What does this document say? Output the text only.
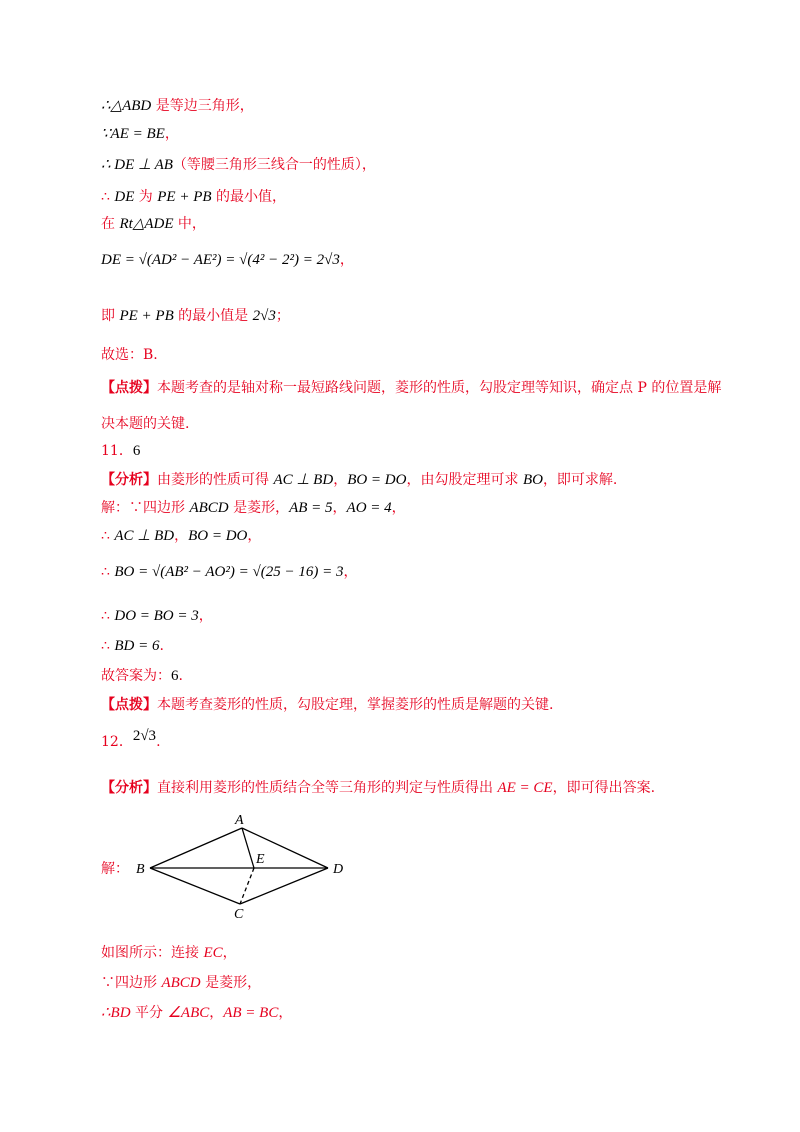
∴△ABD 是等边三角形，
∵AE = BE，
∴ DE ⊥ AB（等腰三角形三线合一的性质），
∴ DE 为 PE + PB 的最小值，
在 Rt△ADE 中，
DE = √(AD² − AE²) = √(4² − 2²) = 2√3，
即 PE + PB 的最小值是 2√3；
故选：B.
【点拨】本题考查的是轴对称一最短路线问题，菱形的性质，勾股定理等知识，确定点 P 的位置是解决本题的关键.
11．6
【分析】由菱形的性质可得 AC ⊥ BD，BO = DO，由勾股定理可求 BO，即可求解.
解：∵四边形 ABCD 是菱形，AB = 5，AO = 4，
∴ AC ⊥ BD，BO = DO，
∴ BO = √(AB² − AO²) = √(25 − 16) = 3，
∴ DO = BO = 3，
∴ BD = 6.
故答案为：6.
【点拨】本题考查菱形的性质，勾股定理，掌握菱形的性质是解题的关键.
12．2√3.
【分析】直接利用菱形的性质结合全等三角形的判定与性质得出 AE = CE，即可得出答案.
解：
A
B
C
D
E
如图所示：连接 EC，
∵四边形 ABCD 是菱形，
∴BD 平分 ∠ABC，AB = BC，
